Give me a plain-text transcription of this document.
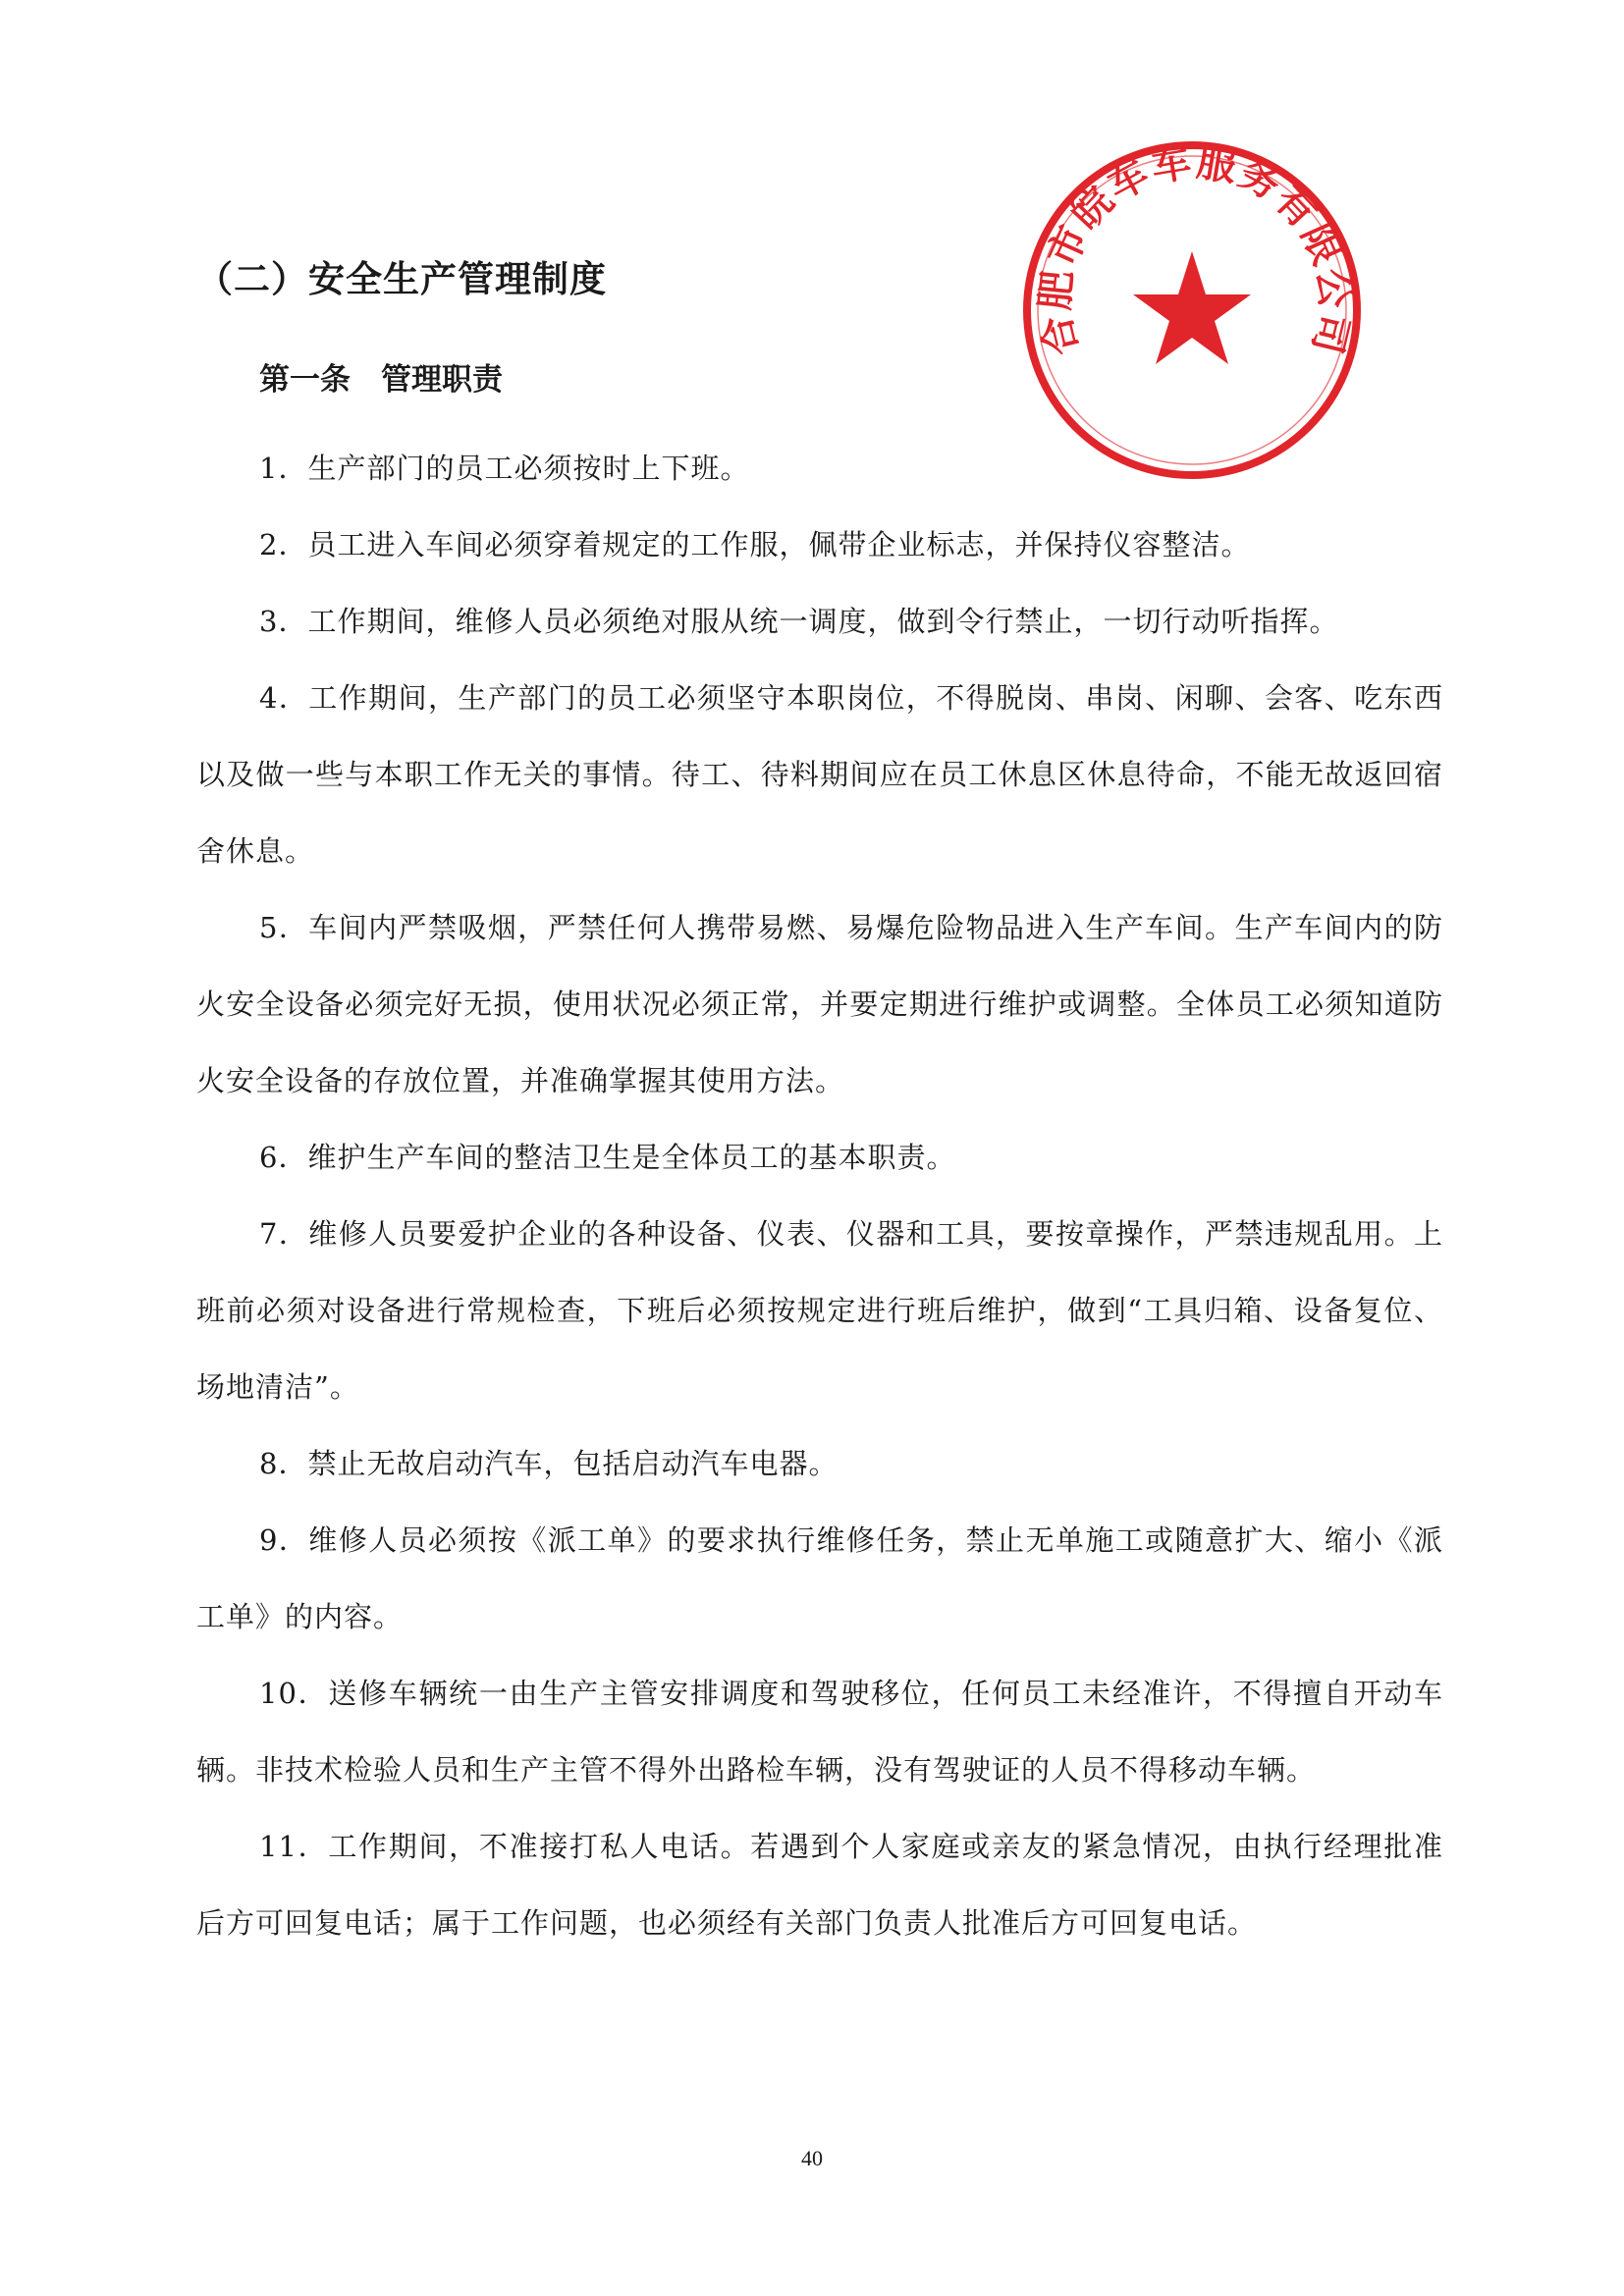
（二）安全生产管理制度
合肥市皖车车服务有限公司
第一条　管理职责

1．生产部门的员工必须按时上下班。

2．员工进入车间必须穿着规定的工作服，佩带企业标志，并保持仪容整洁。

3．工作期间，维修人员必须绝对服从统一调度，做到令行禁止，一切行动听指挥。

4．工作期间，生产部门的员工必须坚守本职岗位，不得脱岗、串岗、闲聊、会客、吃东西以及做一些与本职工作无关的事情。待工、待料期间应在员工休息区休息待命，不能无故返回宿舍休息。

5．车间内严禁吸烟，严禁任何人携带易燃、易爆危险物品进入生产车间。生产车间内的防火安全设备必须完好无损，使用状况必须正常，并要定期进行维护或调整。全体员工必须知道防火安全设备的存放位置，并准确掌握其使用方法。

6．维护生产车间的整洁卫生是全体员工的基本职责。

7．维修人员要爱护企业的各种设备、仪表、仪器和工具，要按章操作，严禁违规乱用。上班前必须对设备进行常规检查，下班后必须按规定进行班后维护，做到“工具归箱、设备复位、场地清洁”。

8．禁止无故启动汽车，包括启动汽车电器。

9．维修人员必须按《派工单》的要求执行维修任务，禁止无单施工或随意扩大、缩小《派工单》的内容。

10．送修车辆统一由生产主管安排调度和驾驶移位，任何员工未经准许，不得擅自开动车辆。非技术检验人员和生产主管不得外出路检车辆，没有驾驶证的人员不得移动车辆。

11．工作期间，不准接打私人电话。若遇到个人家庭或亲友的紧急情况，由执行经理批准后方可回复电话；属于工作问题，也必须经有关部门负责人批准后方可回复电话。

40
